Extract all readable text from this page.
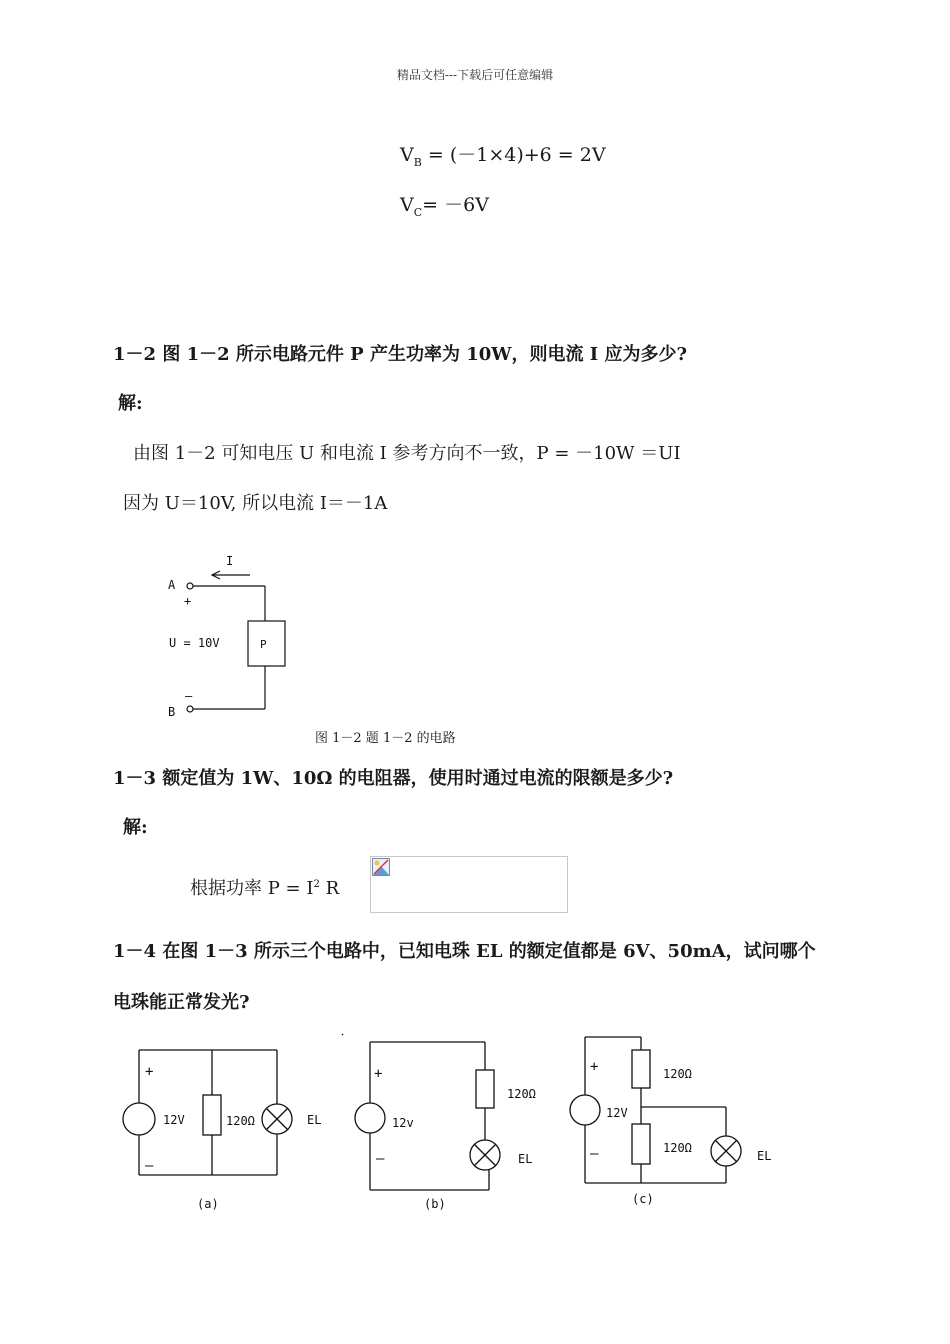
精品文档---下载后可任意编辑
$V_B = (-1\times 4)+6 = 2V$
$V_C= -6V$
1－2 图 1－2 所示电路元件 P 产生功率为 10W，则电流 I 应为多少?
解:
由图 1－2 可知电压 U 和电流 I 参考方向不一致，P = －10W ＝UI
因为 U＝10V, 所以电流 I＝－1A
I
A
+
U = 10V	P
—
B
图 1－2 题 1－2 的电路
1－3 额定值为 1W、10Ω 的电阻器，使用时通过电流的限额是多少?
解:
根据功率 $P = I^2$ R
1－4 在图 1－3 所示三个电路中，已知电珠 EL 的额定值都是 6V、50mA，试问哪个
电珠能正常发光?
+
12V
—
120Ω	EL
(a)
+
12v
—
120Ω
EL
(b)
+
12V
—
120Ω
120Ω
EL
(c)
